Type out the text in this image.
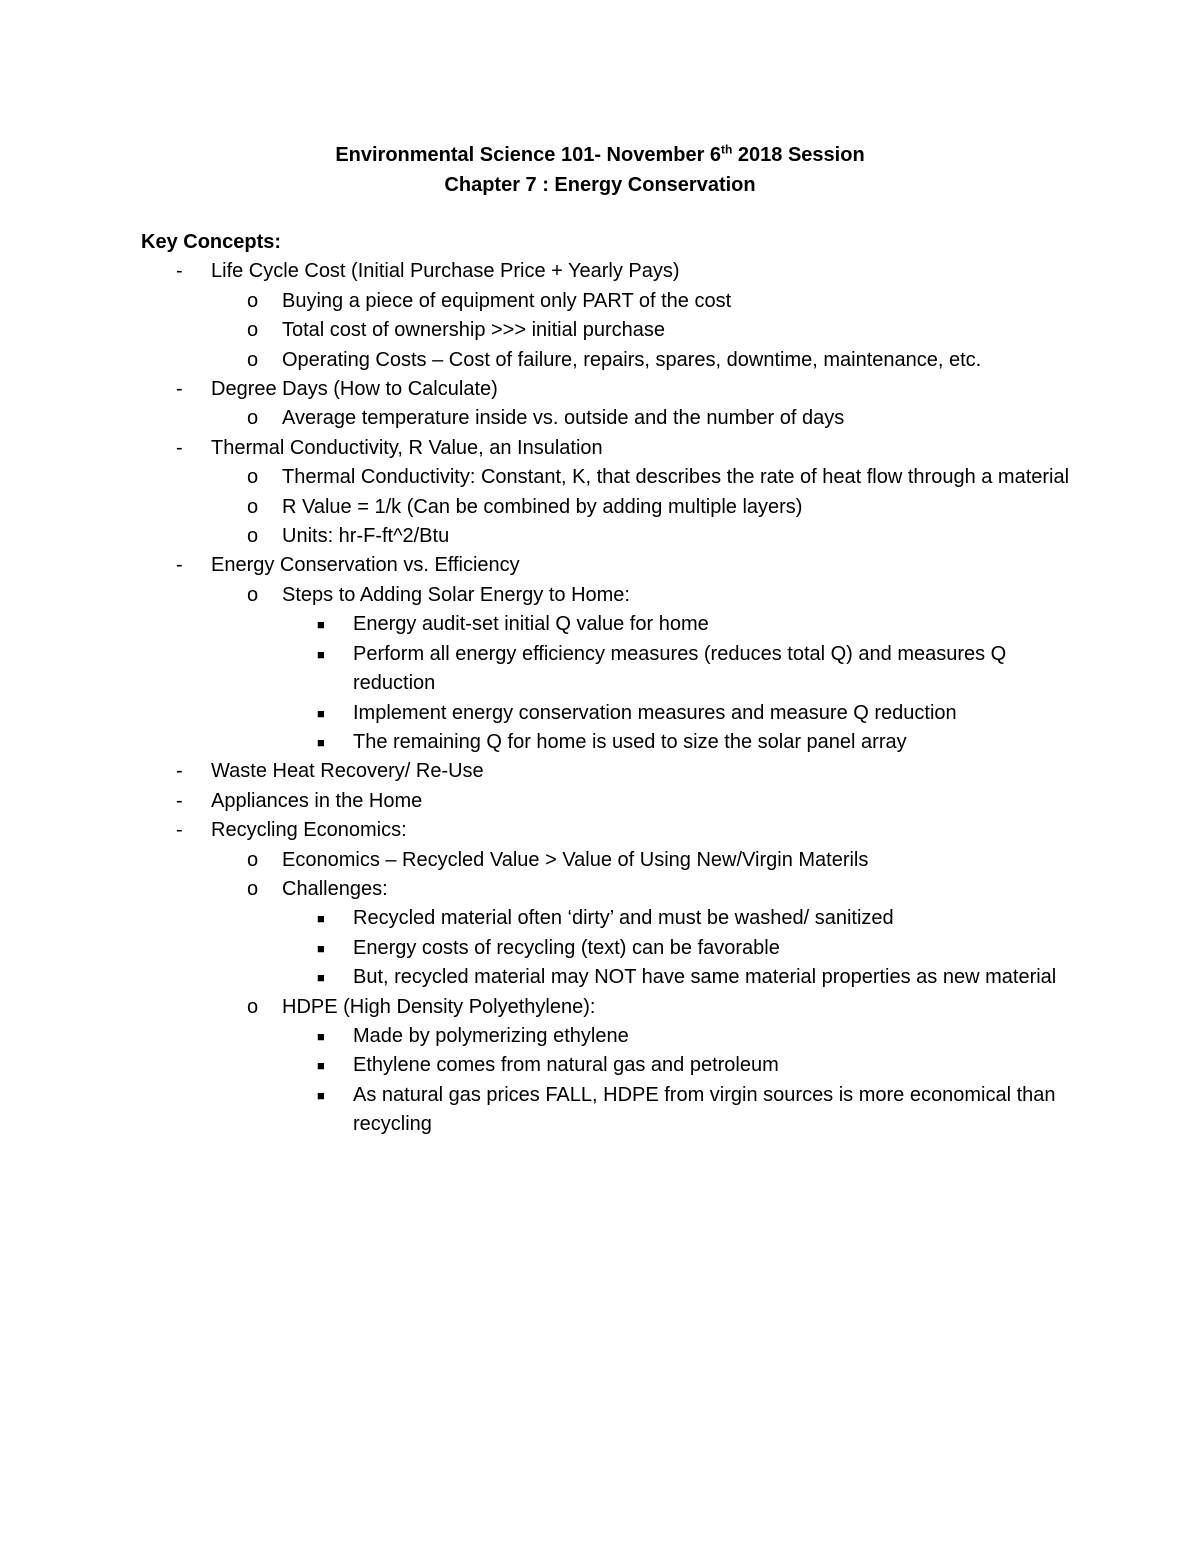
Environmental Science 101- November 6th 2018 Session
Chapter 7 : Energy Conservation
Key Concepts:
- Life Cycle Cost (Initial Purchase Price + Yearly Pays)
o Buying a piece of equipment only PART of the cost
o Total cost of ownership >>> initial purchase
o Operating Costs – Cost of failure, repairs, spares, downtime, maintenance, etc.
- Degree Days (How to Calculate)
o Average temperature inside vs. outside and the number of days
- Thermal Conductivity, R Value, an Insulation
o Thermal Conductivity: Constant, K, that describes the rate of heat flow through a material
o R Value = 1/k (Can be combined by adding multiple layers)
o Units: hr-F-ft^2/Btu
- Energy Conservation vs. Efficiency
o Steps to Adding Solar Energy to Home:
■ Energy audit-set initial Q value for home
■ Perform all energy efficiency measures (reduces total Q) and measures Q reduction
■ Implement energy conservation measures and measure Q reduction
■ The remaining Q for home is used to size the solar panel array
- Waste Heat Recovery/ Re-Use
- Appliances in the Home
- Recycling Economics:
o Economics – Recycled Value > Value of Using New/Virgin Materils
o Challenges:
■ Recycled material often ‘dirty’ and must be washed/ sanitized
■ Energy costs of recycling (text) can be favorable
■ But, recycled material may NOT have same material properties as new material
o HDPE (High Density Polyethylene):
■ Made by polymerizing ethylene
■ Ethylene comes from natural gas and petroleum
■ As natural gas prices FALL, HDPE from virgin sources is more economical than recycling
